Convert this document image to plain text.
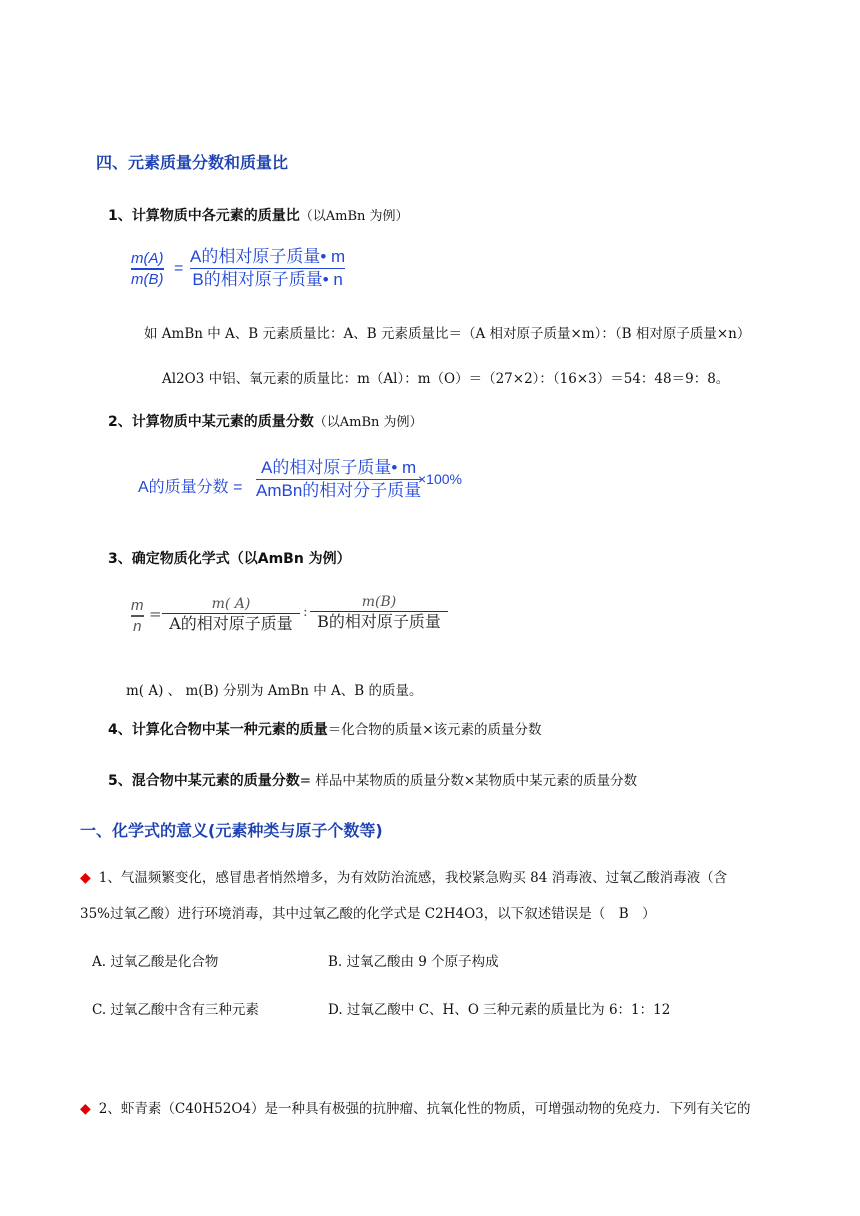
四、元素质量分数和质量比
1、计算物质中各元素的质量比（以AmBn 为例）
m(A)
m(B)
=
A的相对原子质量• m
B的相对原子质量• n
如 AmBn 中 A、B 元素质量比：A、B 元素质量比＝（A 相对原子质量×m）：（B 相对原子质量×n）
Al2O3 中铝、氧元素的质量比：m（Al）：m（O）＝（27×2）：（16×3）＝54：48＝9：8。
2、计算物质中某元素的质量分数（以AmBn 为例）
A的质量分数 =
A的相对原子质量• m
AmBn的相对分子质量
×100%
3、确定物质化学式（以AmBn 为例）
m
n
=
m( A)
A的相对原子质量
:
m(B)
B的相对原子质量
m( A) 、 m(B) 分别为 AmBn 中 A、B 的质量。
4、计算化合物中某一种元素的质量＝化合物的质量×该元素的质量分数
5、混合物中某元素的质量分数= 样品中某物质的质量分数×某物质中某元素的质量分数
一、化学式的意义(元素种类与原子个数等)
◆ 1、气温频繁变化，感冒患者悄然增多，为有效防治流感，我校紧急购买 84 消毒液、过氧乙酸消毒液（含
35%过氧乙酸）进行环境消毒，其中过氧乙酸的化学式是 C2H4O3，以下叙述错误是（　B　）
A. 过氧乙酸是化合物	B. 过氧乙酸由 9 个原子构成
C. 过氧乙酸中含有三种元素	D. 过氧乙酸中 C、H、O 三种元素的质量比为 6：1：12
◆ 2、虾青素（C40H52O4）是一种具有极强的抗肿瘤、抗氧化性的物质，可增强动物的免疫力．下列有关它的
